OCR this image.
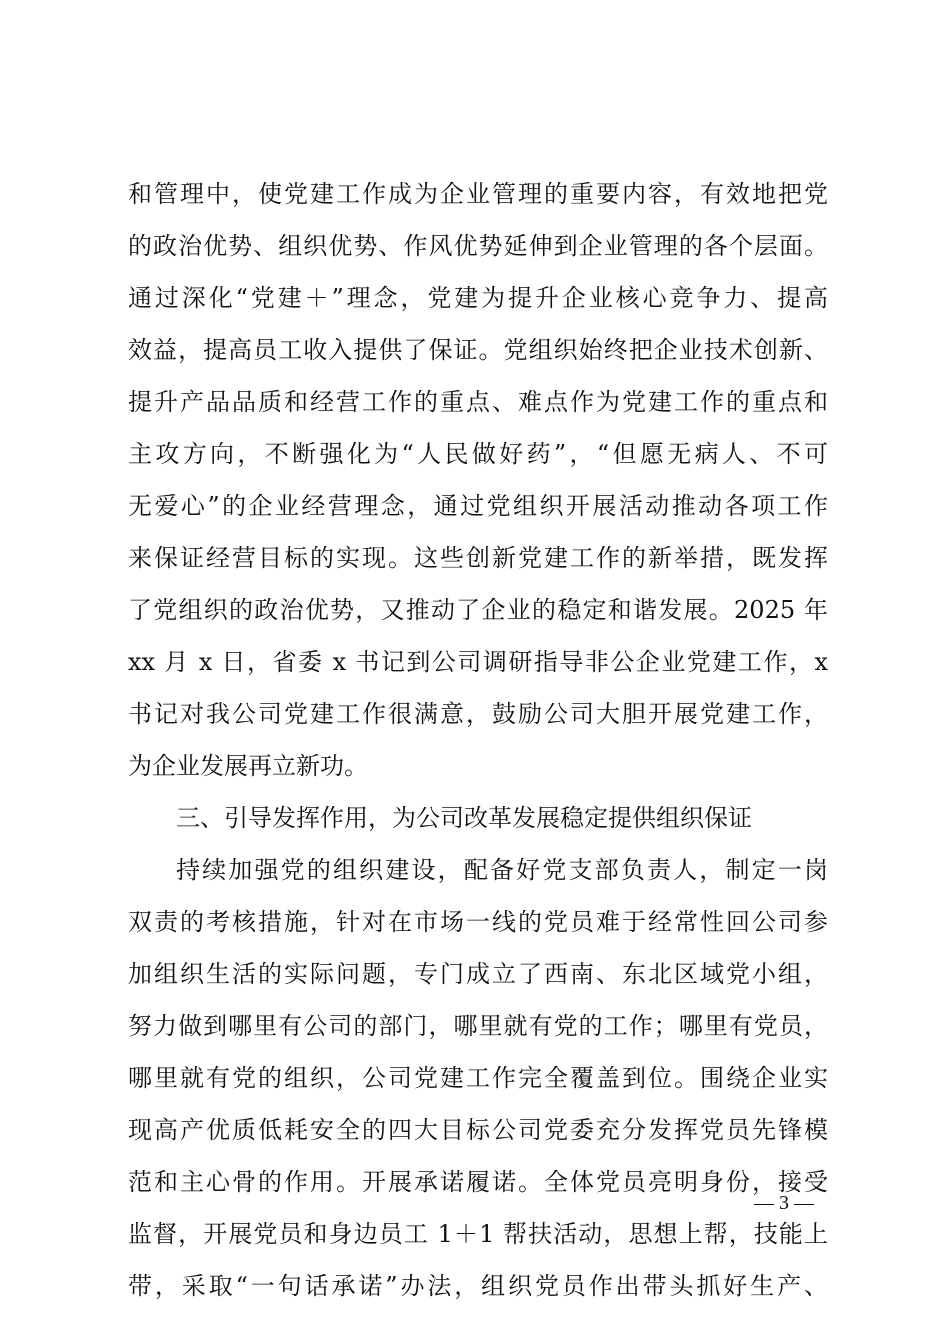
和管理中，使党建工作成为企业管理的重要内容，有效地把党
的政治优势、组织优势、作风优势延伸到企业管理的各个层面。
通过深化“党建＋”理念，党建为提升企业核心竞争力、提高
效益，提高员工收入提供了保证。党组织始终把企业技术创新、
提升产品品质和经营工作的重点、难点作为党建工作的重点和
主攻方向，不断强化为“人民做好药”，“但愿无病人、不可
无爱心”的企业经营理念，通过党组织开展活动推动各项工作
来保证经营目标的实现。这些创新党建工作的新举措，既发挥
了党组织的政治优势，又推动了企业的稳定和谐发展。2025 年
xx 月 x 日，省委 x 书记到公司调研指导非公企业党建工作，x
书记对我公司党建工作很满意，鼓励公司大胆开展党建工作，
为企业发展再立新功。
三、引导发挥作用，为公司改革发展稳定提供组织保证
持续加强党的组织建设，配备好党支部负责人，制定一岗
双责的考核措施，针对在市场一线的党员难于经常性回公司参
加组织生活的实际问题，专门成立了西南、东北区域党小组，
努力做到哪里有公司的部门，哪里就有党的工作；哪里有党员，
哪里就有党的组织，公司党建工作完全覆盖到位。围绕企业实
现高产优质低耗安全的四大目标公司党委充分发挥党员先锋模
范和主心骨的作用。开展承诺履诺。全体党员亮明身份，接受
监督，开展党员和身边员工 1＋1 帮扶活动，思想上帮，技能上
带，采取“一句话承诺”办法，组织党员作出带头抓好生产、
— 3 —
